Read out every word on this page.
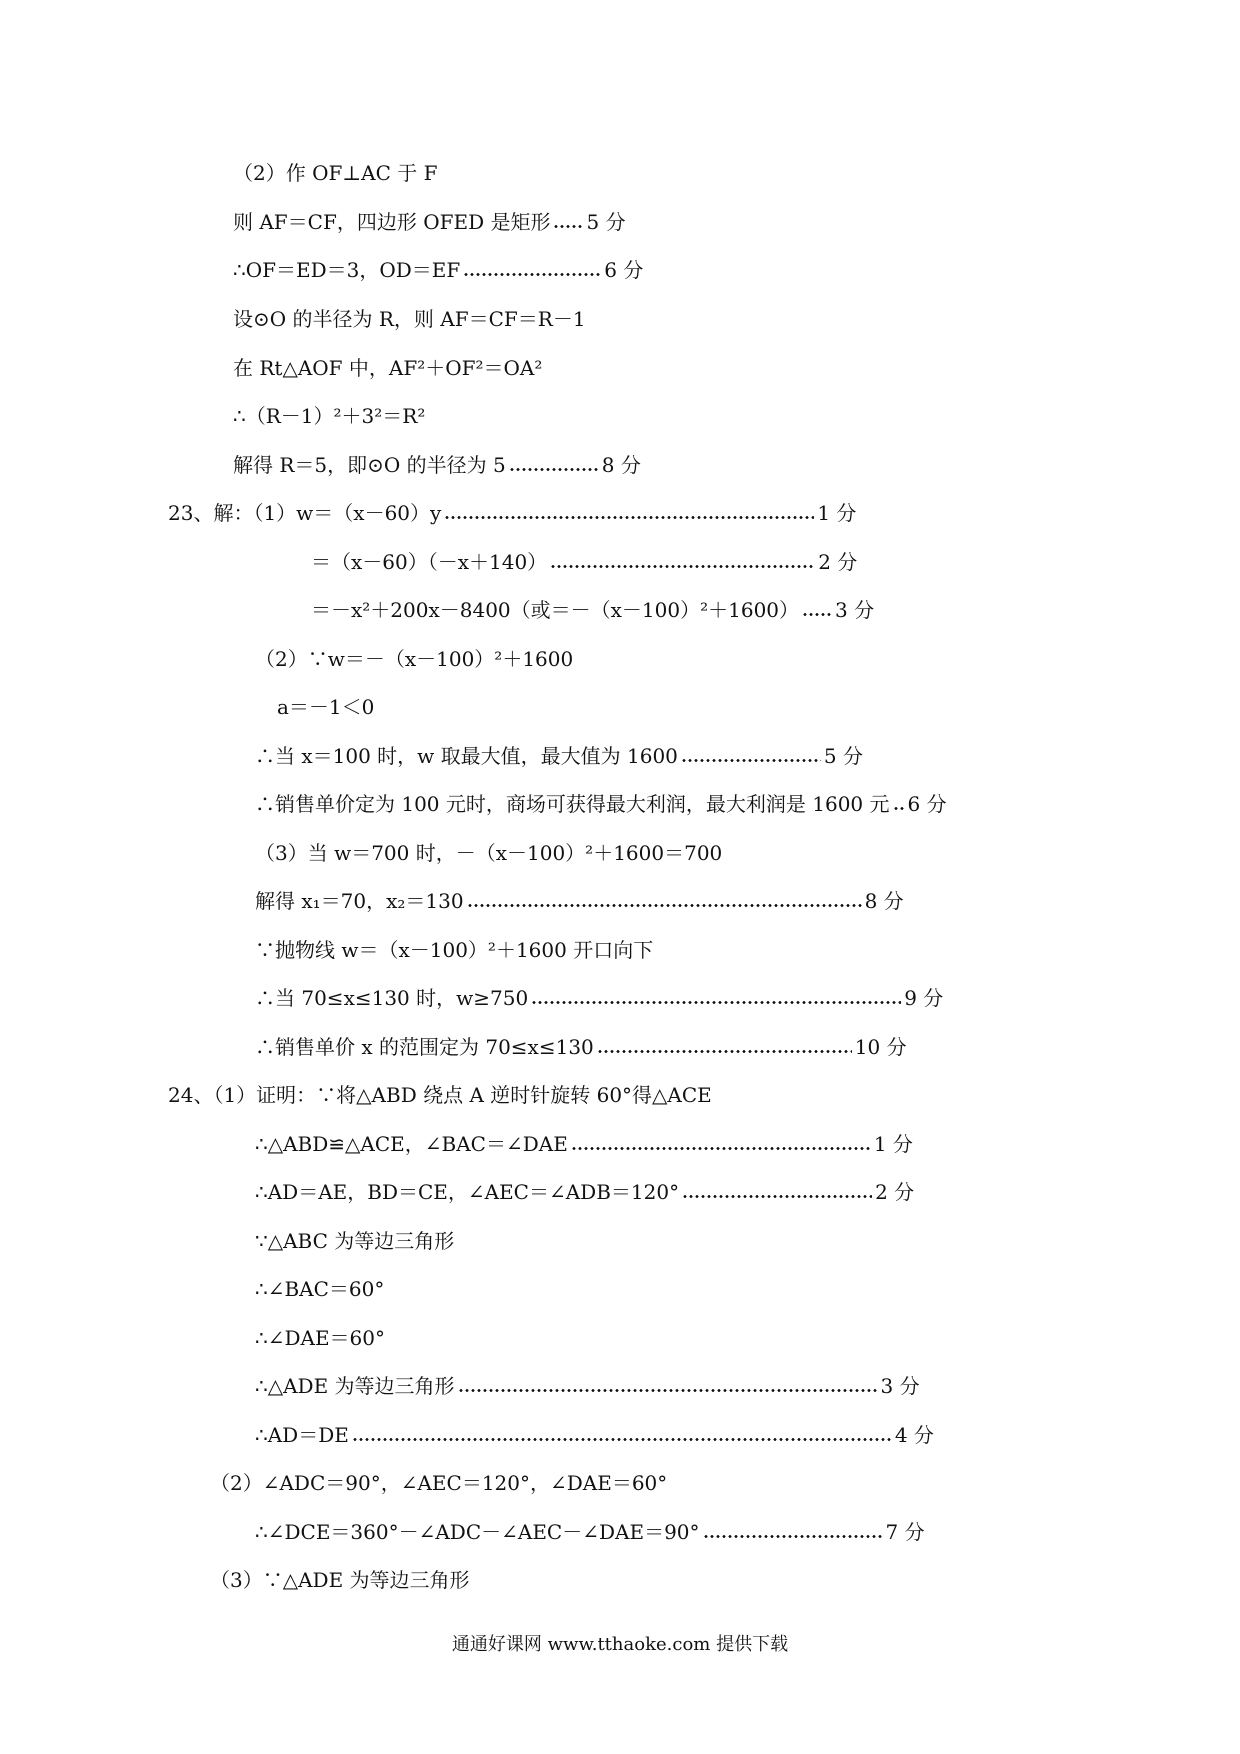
（2）作 OF⊥AC 于 F
则 AF＝CF，四边形 OFED 是矩形 5 分
∴OF＝ED＝3，OD＝EF	6 分
设⊙O 的半径为 R，则 AF＝CF＝R－1
在 Rt△AOF 中，AF²＋OF²＝OA²
∴（R－1）²＋3²＝R²
解得 R＝5，即⊙O 的半径为 5	8 分
23、解：（1）w＝（x－60）y	1 分
＝（x－60）（－x＋140）	2 分
＝－x²＋200x－8400（或＝－（x－100）²＋1600） 3 分
（2）∵w＝－（x－100）²＋1600
a＝－1＜0
∴当 x＝100 时，w 取最大值，最大值为 1600	5 分
∴销售单价定为 100 元时，商场可获得最大利润，最大利润是 1600 元 6 分
（3）当 w＝700 时，－（x－100）²＋1600＝700
解得 x₁＝70，x₂＝130	8 分
∵抛物线 w＝（x－100）²＋1600 开口向下
∴当 70≤x≤130 时，w≥750	9 分
∴销售单价 x 的范围定为 70≤x≤130	10 分
24、（1）证明：∵将△ABD 绕点 A 逆时针旋转 60°得△ACE
∴△ABD≌△ACE，∠BAC＝∠DAE	1 分
∴AD＝AE，BD＝CE，∠AEC＝∠ADB＝120°	2 分
∵△ABC 为等边三角形
∴∠BAC＝60°
∴∠DAE＝60°
∴△ADE 为等边三角形	3 分
∴AD＝DE	4 分
（2）∠ADC＝90°，∠AEC＝120°，∠DAE＝60°
∴∠DCE＝360°－∠ADC－∠AEC－∠DAE＝90°	7 分
（3）∵△ADE 为等边三角形
通通好课网 www.tthaoke.com 提供下载
